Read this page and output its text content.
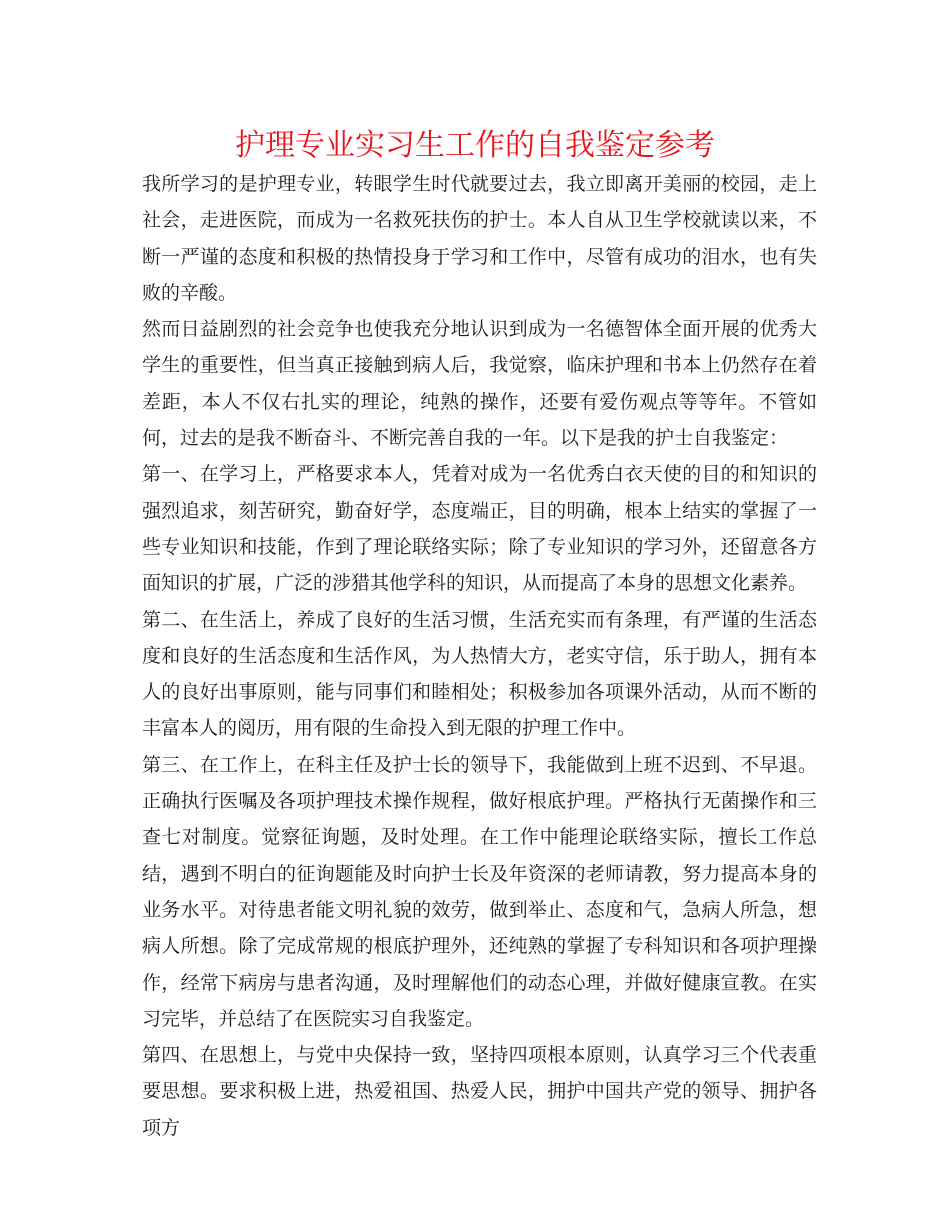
护理专业实习生工作的自我鉴定参考

我所学习的是护理专业，转眼学生时代就要过去，我立即离开美丽的校园，走上社会，走进医院，而成为一名救死扶伤的护士。本人自从卫生学校就读以来，不断一严谨的态度和积极的热情投身于学习和工作中，尽管有成功的泪水，也有失败的辛酸。

然而日益剧烈的社会竞争也使我充分地认识到成为一名德智体全面开展的优秀大学生的重要性，但当真正接触到病人后，我觉察，临床护理和书本上仍然存在着差距，本人不仅右扎实的理论，纯熟的操作，还要有爱伤观点等等年。不管如何，过去的是我不断奋斗、不断完善自我的一年。以下是我的护士自我鉴定：

第一、在学习上，严格要求本人，凭着对成为一名优秀白衣天使的目的和知识的强烈追求，刻苦研究，勤奋好学，态度端正，目的明确，根本上结实的掌握了一些专业知识和技能，作到了理论联络实际；除了专业知识的学习外，还留意各方面知识的扩展，广泛的涉猎其他学科的知识，从而提高了本身的思想文化素养。

第二、在生活上，养成了良好的生活习惯，生活充实而有条理，有严谨的生活态度和良好的生活态度和生活作风，为人热情大方，老实守信，乐于助人，拥有本人的良好出事原则，能与同事们和睦相处；积极参加各项课外活动，从而不断的丰富本人的阅历，用有限的生命投入到无限的护理工作中。

第三、在工作上，在科主任及护士长的领导下，我能做到上班不迟到、不早退。正确执行医嘱及各项护理技术操作规程，做好根底护理。严格执行无菌操作和三查七对制度。觉察征询题，及时处理。在工作中能理论联络实际，擅长工作总结，遇到不明白的征询题能及时向护士长及年资深的老师请教，努力提高本身的业务水平。对待患者能文明礼貌的效劳，做到举止、态度和气，急病人所急，想病人所想。除了完成常规的根底护理外，还纯熟的掌握了专科知识和各项护理操作，经常下病房与患者沟通，及时理解他们的动态心理，并做好健康宣教。在实习完毕，并总结了在医院实习自我鉴定。

第四、在思想上，与党中央保持一致，坚持四项根本原则，认真学习三个代表重要思想。要求积极上进，热爱祖国、热爱人民，拥护中国共产党的领导、拥护各项方
